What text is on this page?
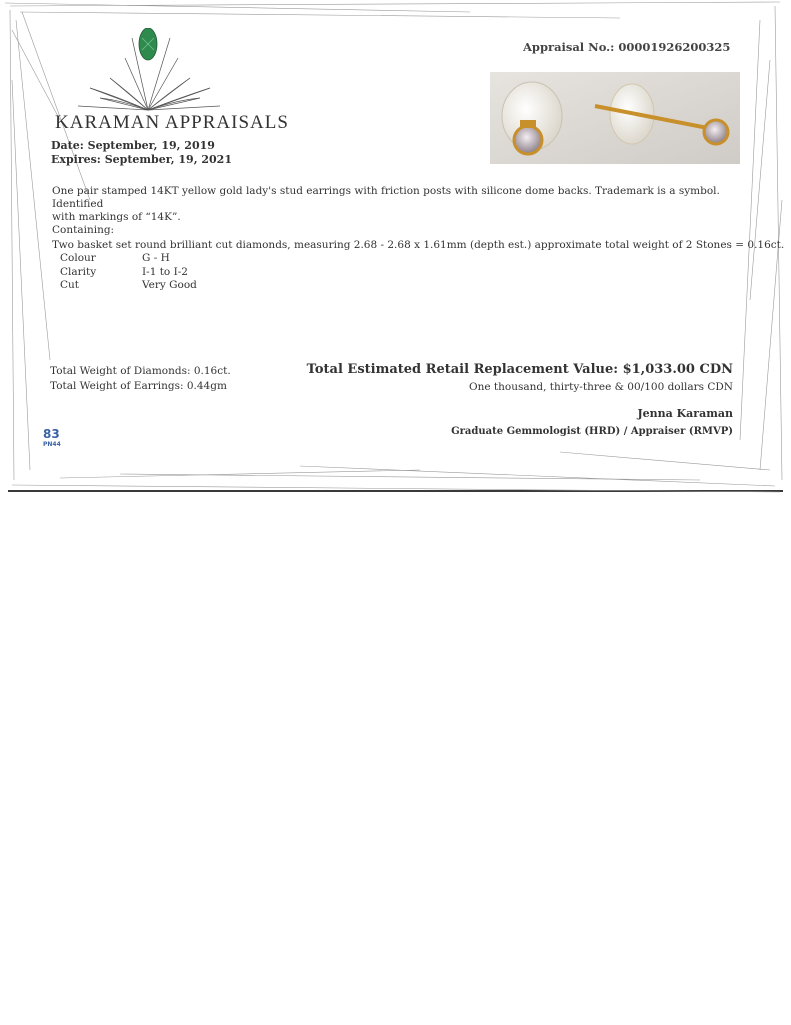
KARAMAN APPRAISALS
Date: September, 19, 2019
Expires: September, 19, 2021
Appraisal No.: 0000192620032​5
One pair stamped 14KT yellow gold lady's stud earrings with friction posts with silicone dome backs. Trademark is a symbol. Identified
with markings of “14K”.
Containing:
Two basket set round brilliant cut diamonds, measuring 2.68 - 2.68 x 1.61mm (depth est.) approximate total weight of 2 Stones = 0.16ct.
Colour	G - H
Clarity	I-1 to I-2
Cut	Very Good
Total Weight of Diamonds: 0.16ct.
Total Weight of Earrings: 0.44gm
Total Estimated Retail Replacement Value: $1,033.00 CDN
One thousand, thirty-three & 00/100 dollars CDN
Jenna Karaman
Graduate Gemmologist (HRD) / Appraiser (RMVP)
83
PN44
